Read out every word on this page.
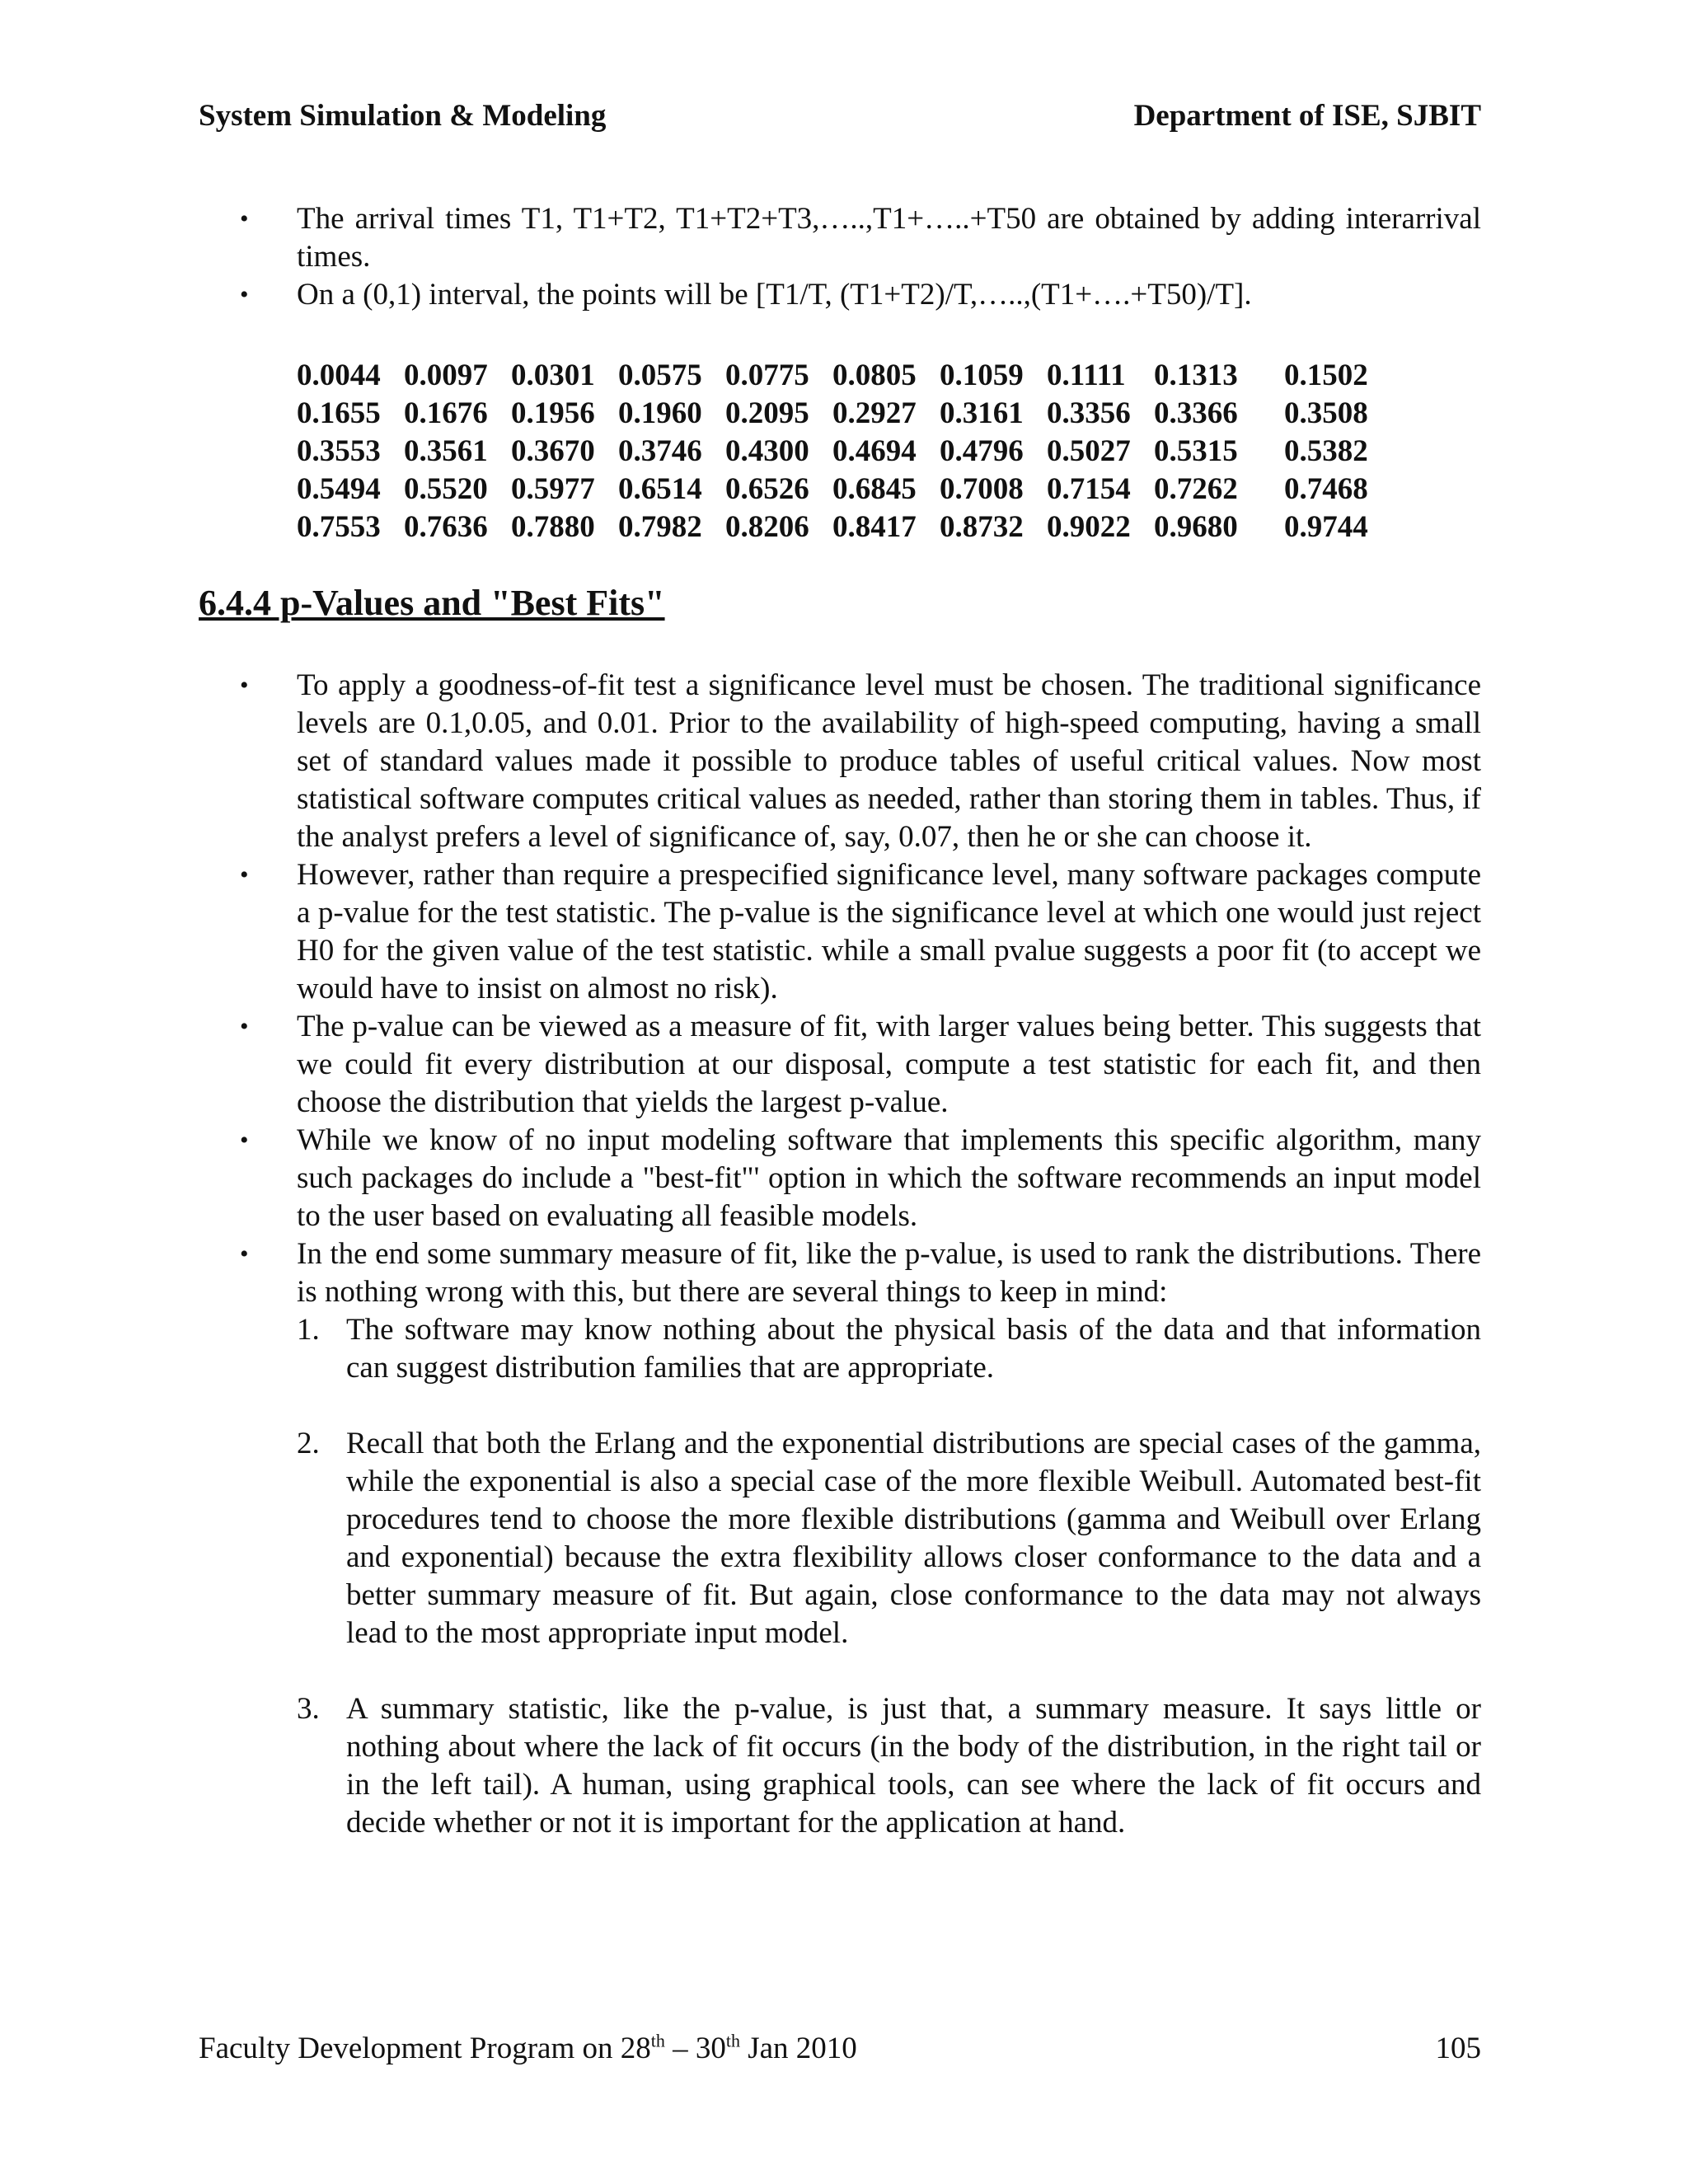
System Simulation & Modeling	Department of ISE, SJBIT
• The arrival times T1, T1+T2, T1+T2+T3,…..,T1+…..+T50 are obtained by adding interarrival times.
• On a (0,1) interval, the points will be [T1/T, (T1+T2)/T,…..,(T1+….+T50)/T].
0.0044	0.0097	0.0301	0.0575	0.0775	0.0805	0.1059	0.1111	0.1313	0.1502
0.1655	0.1676	0.1956	0.1960	0.2095	0.2927	0.3161	0.3356	0.3366	0.3508
0.3553	0.3561	0.3670	0.3746	0.4300	0.4694	0.4796	0.5027	0.5315	0.5382
0.5494	0.5520	0.5977	0.6514	0.6526	0.6845	0.7008	0.7154	0.7262	0.7468
0.7553	0.7636	0.7880	0.7982	0.8206	0.8417	0.8732	0.9022	0.9680	0.9744
6.4.4 p-Values and "Best Fits"
• To apply a goodness-of-fit test a significance level must be chosen. The traditional significance levels are 0.1,0.05, and 0.01. Prior to the availability of high-speed computing, having a small set of standard values made it possible to produce tables of useful critical values. Now most statistical software computes critical values as needed, rather than storing them in tables. Thus, if the analyst prefers a level of significance of, say, 0.07, then he or she can choose it.
• However, rather than require a prespecified significance level, many software packages compute a p-value for the test statistic. The p-value is the significance level at which one would just reject H0 for the given value of the test statistic. while a small pvalue suggests a poor fit (to accept we would have to insist on almost no risk).
• The p-value can be viewed as a measure of fit, with larger values being better. This suggests that we could fit every distribution at our disposal, compute a test statistic for each fit, and then choose the distribution that yields the largest p-value.
• While we know of no input modeling software that implements this specific algorithm, many such packages do include a "best-fit"' option in which the software recommends an input model to the user based on evaluating all feasible models.
• In the end some summary measure of fit, like the p-value, is used to rank the distributions. There is nothing wrong with this, but there are several things to keep in mind:
1. The software may know nothing about the physical basis of the data and that information can suggest distribution families that are appropriate.
2. Recall that both the Erlang and the exponential distributions are special cases of the gamma, while the exponential is also a special case of the more flexible Weibull. Automated best-fit procedures tend to choose the more flexible distributions (gamma and Weibull over Erlang and exponential) because the extra flexibility allows closer conformance to the data and a better summary measure of fit. But again, close conformance to the data may not always lead to the most appropriate input model.
3. A summary statistic, like the p-value, is just that, a summary measure. It says little or nothing about where the lack of fit occurs (in the body of the distribution, in the right tail or in the left tail). A human, using graphical tools, can see where the lack of fit occurs and decide whether or not it is important for the application at hand.
Faculty Development Program on 28th – 30th Jan 2010	105
